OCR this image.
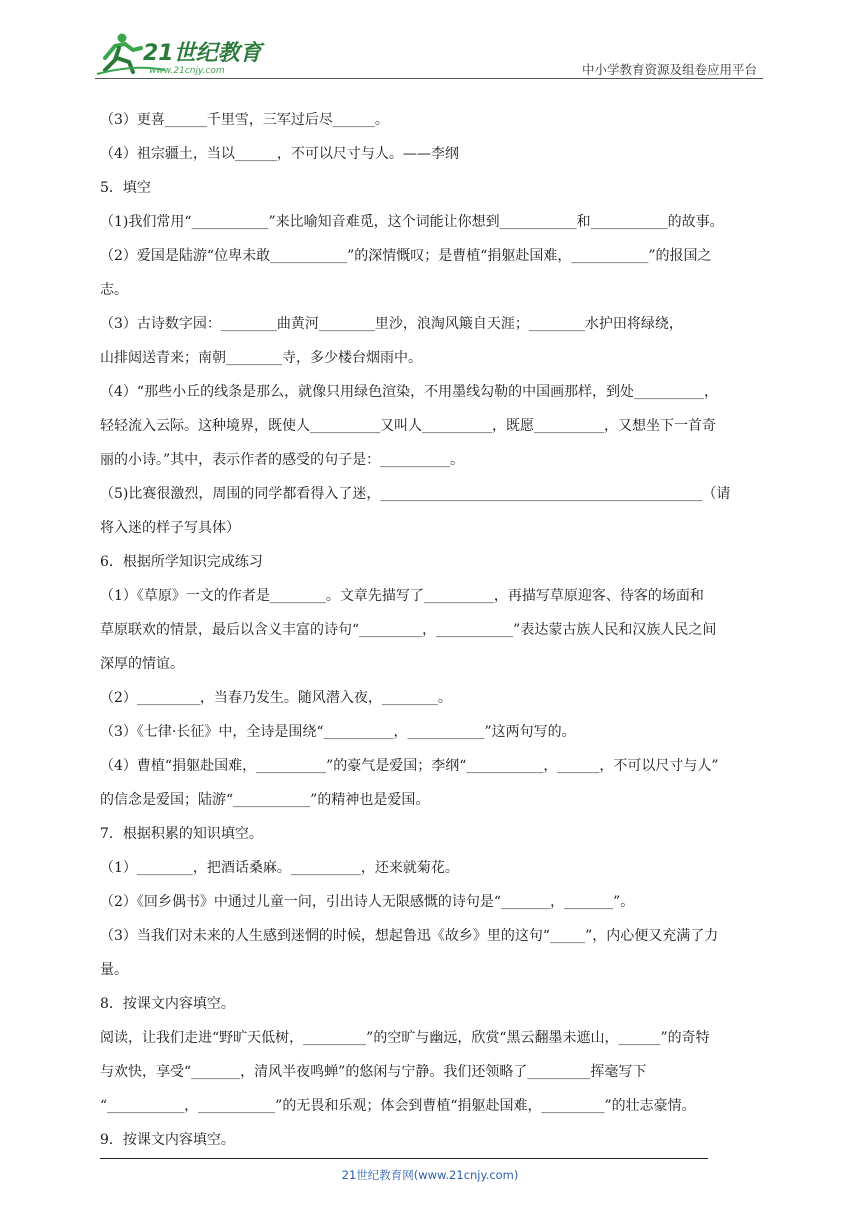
21世纪教育
www.21cnjy.com	中小学教育资源及组卷应用平台
（3）更喜______千里雪，三军过后尽______。
（4）祖宗疆土，当以______，不可以尺寸与人。——李纲
5．填空
（1)我们常用“___________”来比喻知音难觅，这个词能让你想到___________和___________的故事。
（2）爱国是陆游“位卑未敢___________”的深情慨叹；是曹植“捐躯赴国难，___________”的报国之
志。
（3）古诗数字园：________曲黄河________里沙，浪淘风簸自天涯；________水护田将绿绕，
山排闼送青来；南朝________寺，多少楼台烟雨中。
（4）“那些小丘的线条是那么，就像只用绿色渲染，不用墨线勾勒的中国画那样，到处__________，
轻轻流入云际。这种境界，既使人__________又叫人__________，既愿__________，又想坐下一首奇
丽的小诗。”其中，表示作者的感受的句子是：__________。
（5)比赛很激烈，周围的同学都看得入了迷，______________________________________________（请
将入迷的样子写具体）
6．根据所学知识完成练习
（1）《草原》一文的作者是________。文章先描写了__________，再描写草原迎客、待客的场面和
草原联欢的情景，最后以含义丰富的诗句“_________，___________”表达蒙古族人民和汉族人民之间
深厚的情谊。
（2）_________，当春乃发生。随风潜入夜，________。
（3）《七律·长征》中，全诗是围绕“__________，___________”这两句写的。
（4）曹植“捐躯赴国难，__________”的豪气是爱国；李纲“___________，______，不可以尺寸与人”
的信念是爱国；陆游“___________”的精神也是爱国。
7．根据积累的知识填空。
（1）________，把酒话桑麻。__________，还来就菊花。
（2）《回乡偶书》中通过儿童一问，引出诗人无限感慨的诗句是“_______，_______”。
（3）当我们对未来的人生感到迷惘的时候，想起鲁迅《故乡》里的这句“_____”，内心便又充满了力
量。
8．按课文内容填空。
阅读，让我们走进“野旷天低树，_________”的空旷与幽远，欣赏“黑云翻墨未遮山，______”的奇特
与欢快，享受“_______，清风半夜鸣蝉”的悠闲与宁静。我们还领略了_________挥毫写下
“___________，___________”的无畏和乐观；体会到曹植“捐躯赴国难，_________”的壮志豪情。
9．按课文内容填空。
21世纪教育网(www.21cnjy.com)
